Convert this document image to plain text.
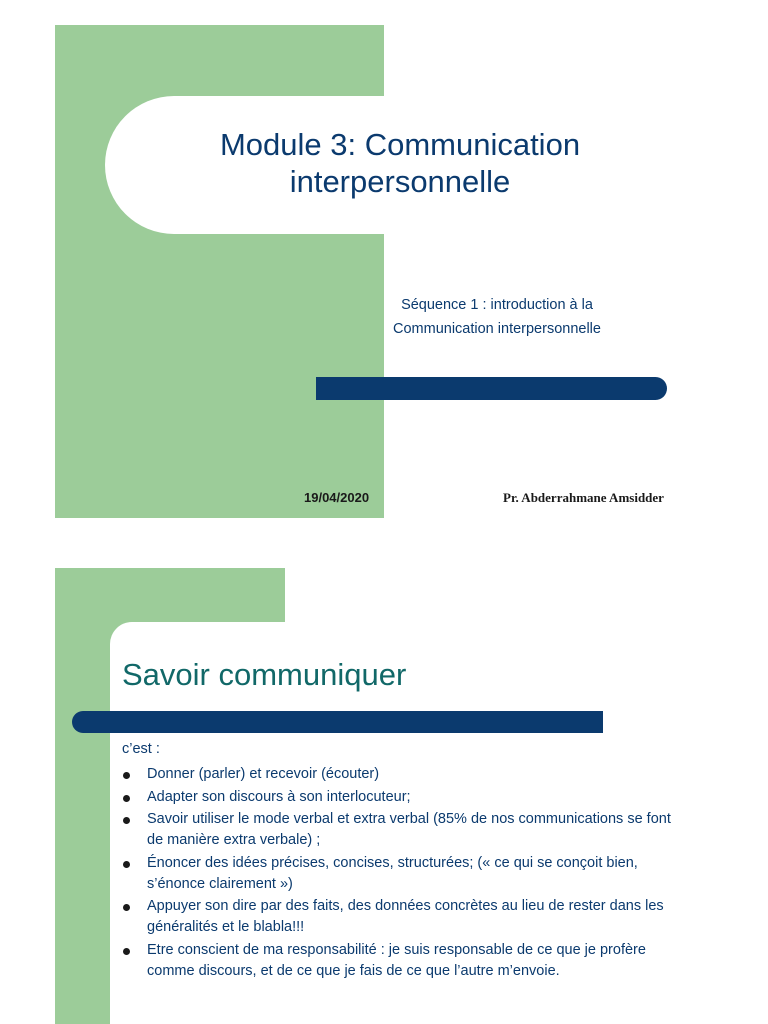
Module 3: Communication
interpersonnelle
Séquence 1 : introduction à la
Communication interpersonnelle
19/04/2020	Pr. Abderrahmane Amsidder
Savoir communiquer
c’est :
Donner (parler) et recevoir (écouter)
Adapter son discours à son interlocuteur;
Savoir utiliser le mode verbal et extra verbal (85% de nos communications se font de manière extra verbale) ;
Énoncer des idées précises, concises, structurées; (« ce qui se conçoit bien, s’énonce clairement »)
Appuyer son dire par des faits, des données concrètes au lieu de rester dans les généralités et le blabla!!!
Etre conscient de ma responsabilité : je suis responsable de ce que je profère comme discours, et de ce que je fais de ce que l’autre m’envoie.
